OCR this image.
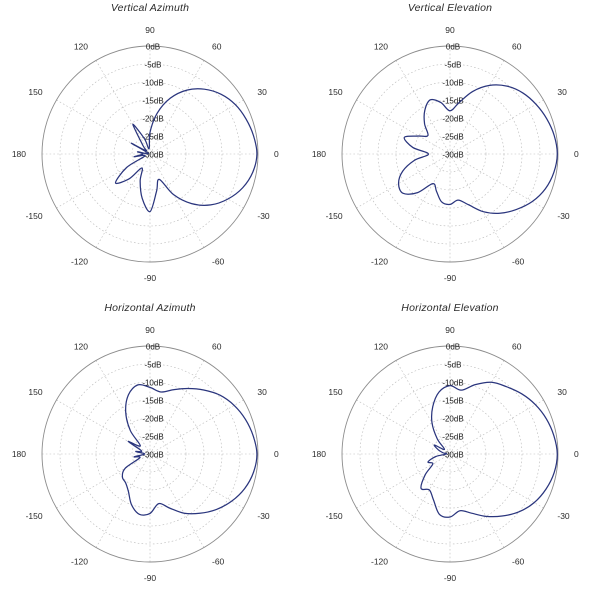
Vertical Azimuth
0dB
-5dB
-10dB
-15dB
-20dB
-25dB
-30dB	0
30
60
90
120
150
180
-150
-120
-90
-60
-30
Vertical Elevation
0dB
-5dB
-10dB
-15dB
-20dB
-25dB
-30dB	0
30
60
90
120
150
180
-150
-120
-90
-60
-30
Horizontal Azimuth
0dB
-5dB
-10dB
-15dB
-20dB
-25dB
-30dB	0
30
60
90
120
150
180
-150
-120
-90
-60
-30
Horizontal Elevation
0dB
-5dB
-10dB
-15dB
-20dB
-25dB
-30dB	0
30
60
90
120
150
180
-150
-120
-90
-60
-30
